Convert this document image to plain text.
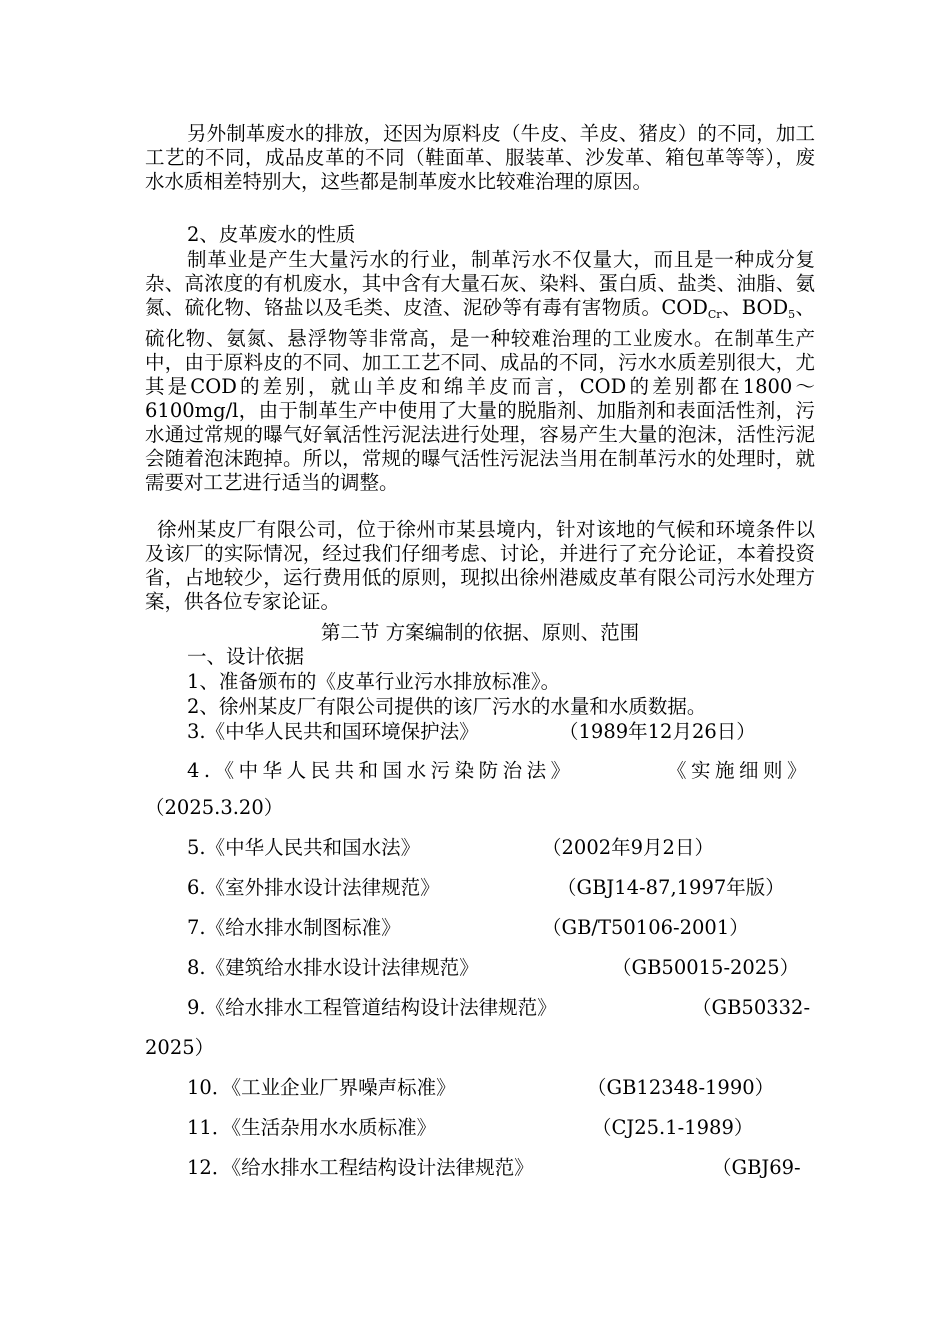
另外制革废水的排放，还因为原料皮（牛皮、羊皮、猪皮）的不同，加工工艺的不同，成品皮革的不同（鞋面革、服装革、沙发革、箱包革等等），废水水质相差特别大，这些都是制革废水比较难治理的原因。

2、皮革废水的性质

制革业是产生大量污水的行业，制革污水不仅量大，而且是一种成分复杂、高浓度的有机废水，其中含有大量石灰、染料、蛋白质、盐类、油脂、氨氮、硫化物、铬盐以及毛类、皮渣、泥砂等有毒有害物质。$COD_{Cr}$、$BOD_5$、硫化物、氨氮、悬浮物等非常高，是一种较难治理的工业废水。在制革生产中，由于原料皮的不同、加工工艺不同、成品的不同，污水水质差别很大，尤其是COD的差别，就山羊皮和绵羊皮而言，COD的差别都在1800～6100mg/l，由于制革生产中使用了大量的脱脂剂、加脂剂和表面活性剂，污水通过常规的曝气好氧活性污泥法进行处理，容易产生大量的泡沫，活性污泥会随着泡沫跑掉。所以，常规的曝气活性污泥法当用在制革污水的处理时，就需要对工艺进行适当的调整。

徐州某皮厂有限公司，位于徐州市某县境内，针对该地的气候和环境条件以及该厂的实际情况，经过我们仔细考虑、讨论，并进行了充分论证，本着投资省，占地较少，运行费用低的原则，现拟出徐州港威皮革有限公司污水处理方案，供各位专家论证。

第二节 方案编制的依据、原则、范围

一、设计依据

1、准备颁布的《皮革行业污水排放标准》。

2、徐州某皮厂有限公司提供的该厂污水的水量和水质数据。

3.《中华人民共和国环境保护法》	（1989年12月26日）

4.《中华人民共和国水污染防治法》	《实施细则》

（2025.3.20）

5.《中华人民共和国水法》	（2002年9月2日）

6.《室外排水设计法律规范》	（GBJ14-87,1997年版）

7.《给水排水制图标准》	（GB/T50106-2001）

8.《建筑给水排水设计法律规范》	（GB50015-2025）

9.《给水排水工程管道结构设计法律规范》	（GB50332-

2025）

10．《工业企业厂界噪声标准》	（GB12348-1990）

11．《生活杂用水水质标准》	（CJ25.1-1989）

12．《给水排水工程结构设计法律规范》	（GBJ69-
